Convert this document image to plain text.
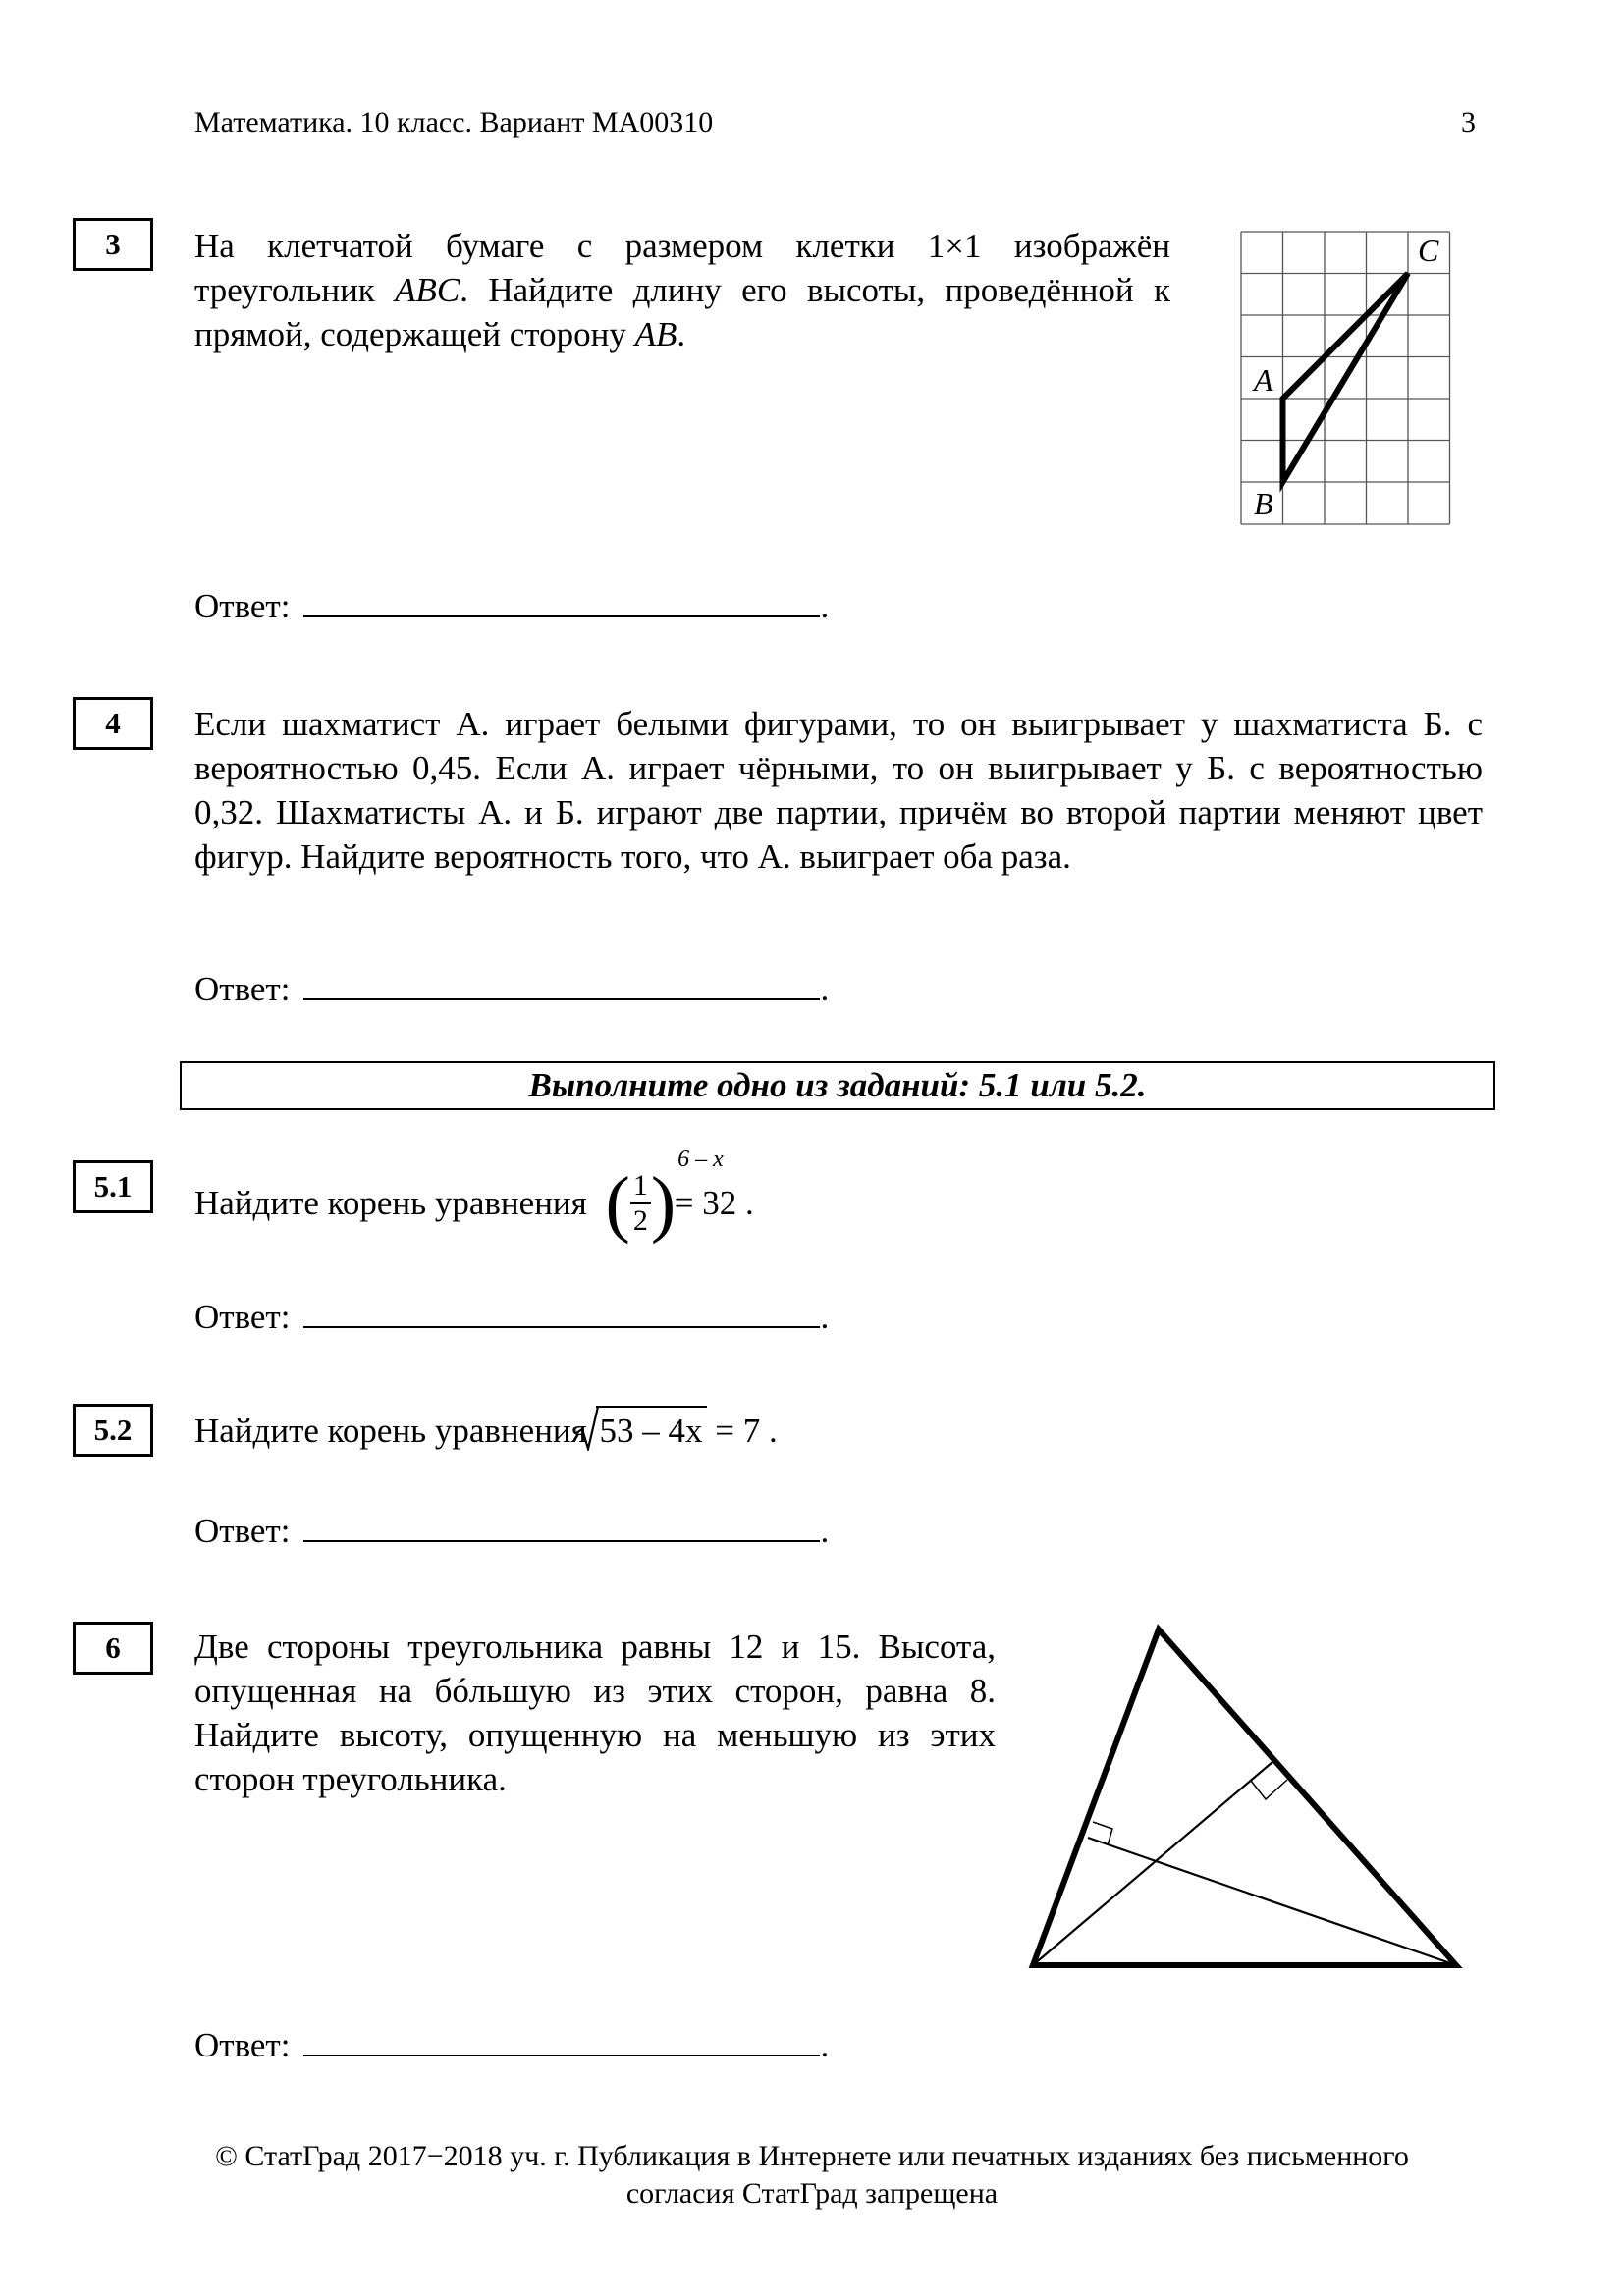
Математика. 10 класс. Вариант МА00310	3
3	На клетчатой бумаге с размером клетки 1×1 изображён треугольник ABC. Найдите длину его высоты, проведённой к прямой, содержащей сторону AB.
A
B
C
Ответ:	.
4	Если шахматист А. играет белыми фигурами, то он выигрывает у шахматиста Б. с вероятностью 0,45. Если А. играет чёрными, то он выигрывает у Б. с вероятностью 0,32. Шахматисты А. и Б. играют две партии, причём во второй партии меняют цвет фигур. Найдите вероятность того, что А. выиграет оба раза.
Ответ:	.
Выполните одно из заданий: 5.1 или 5.2.
5.1	Найдите корень уравнения ( $\frac{1}{2} )^{6 - x}= 32$ .
Ответ:	.
5.2	Найдите корень уравнения 53 – 4x = 7 .
Ответ:	.
6	Две стороны треугольника равны 12 и 15. Высота, опущенная на бóльшую из этих сторон, равна 8. Найдите высоту, опущенную на меньшую из этих сторон треугольника.
Ответ:	.
© СтатГрад 2017−2018 уч. г. Публикация в Интернете или печатных изданиях без письменного
согласия СтатГрад запрещена
